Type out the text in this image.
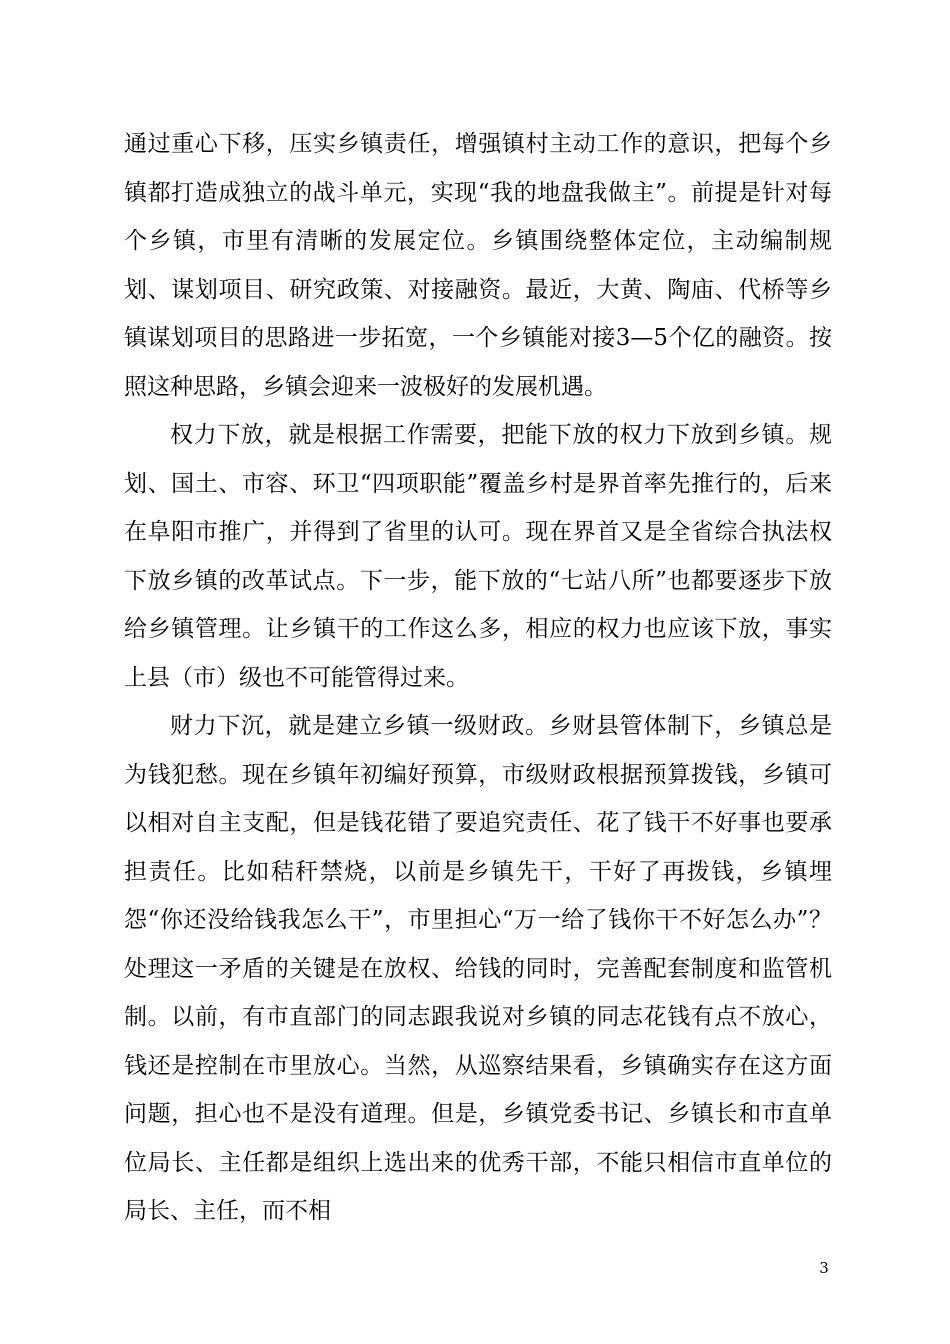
通过重心下移，压实乡镇责任，增强镇村主动工作的意识，把每个乡镇都打造成独立的战斗单元，实现“我的地盘我做主”。前提是针对每个乡镇，市里有清晰的发展定位。乡镇围绕整体定位，主动编制规划、谋划项目、研究政策、对接融资。最近，大黄、陶庙、代桥等乡镇谋划项目的思路进一步拓宽，一个乡镇能对接3—5个亿的融资。按照这种思路，乡镇会迎来一波极好的发展机遇。

权力下放，就是根据工作需要，把能下放的权力下放到乡镇。规划、国土、市容、环卫“四项职能”覆盖乡村是界首率先推行的，后来在阜阳市推广，并得到了省里的认可。现在界首又是全省综合执法权下放乡镇的改革试点。下一步，能下放的“七站八所”也都要逐步下放给乡镇管理。让乡镇干的工作这么多，相应的权力也应该下放，事实上县（市）级也不可能管得过来。

财力下沉，就是建立乡镇一级财政。乡财县管体制下，乡镇总是为钱犯愁。现在乡镇年初编好预算，市级财政根据预算拨钱，乡镇可以相对自主支配，但是钱花错了要追究责任、花了钱干不好事也要承担责任。比如秸秆禁烧，以前是乡镇先干，干好了再拨钱，乡镇埋怨“你还没给钱我怎么干”，市里担心“万一给了钱你干不好怎么办”？处理这一矛盾的关键是在放权、给钱的同时，完善配套制度和监管机制。以前，有市直部门的同志跟我说对乡镇的同志花钱有点不放心，钱还是控制在市里放心。当然，从巡察结果看，乡镇确实存在这方面问题，担心也不是没有道理。但是，乡镇党委书记、乡镇长和市直单位局长、主任都是组织上选出来的优秀干部，不能只相信市直单位的局长、主任，而不相

3
